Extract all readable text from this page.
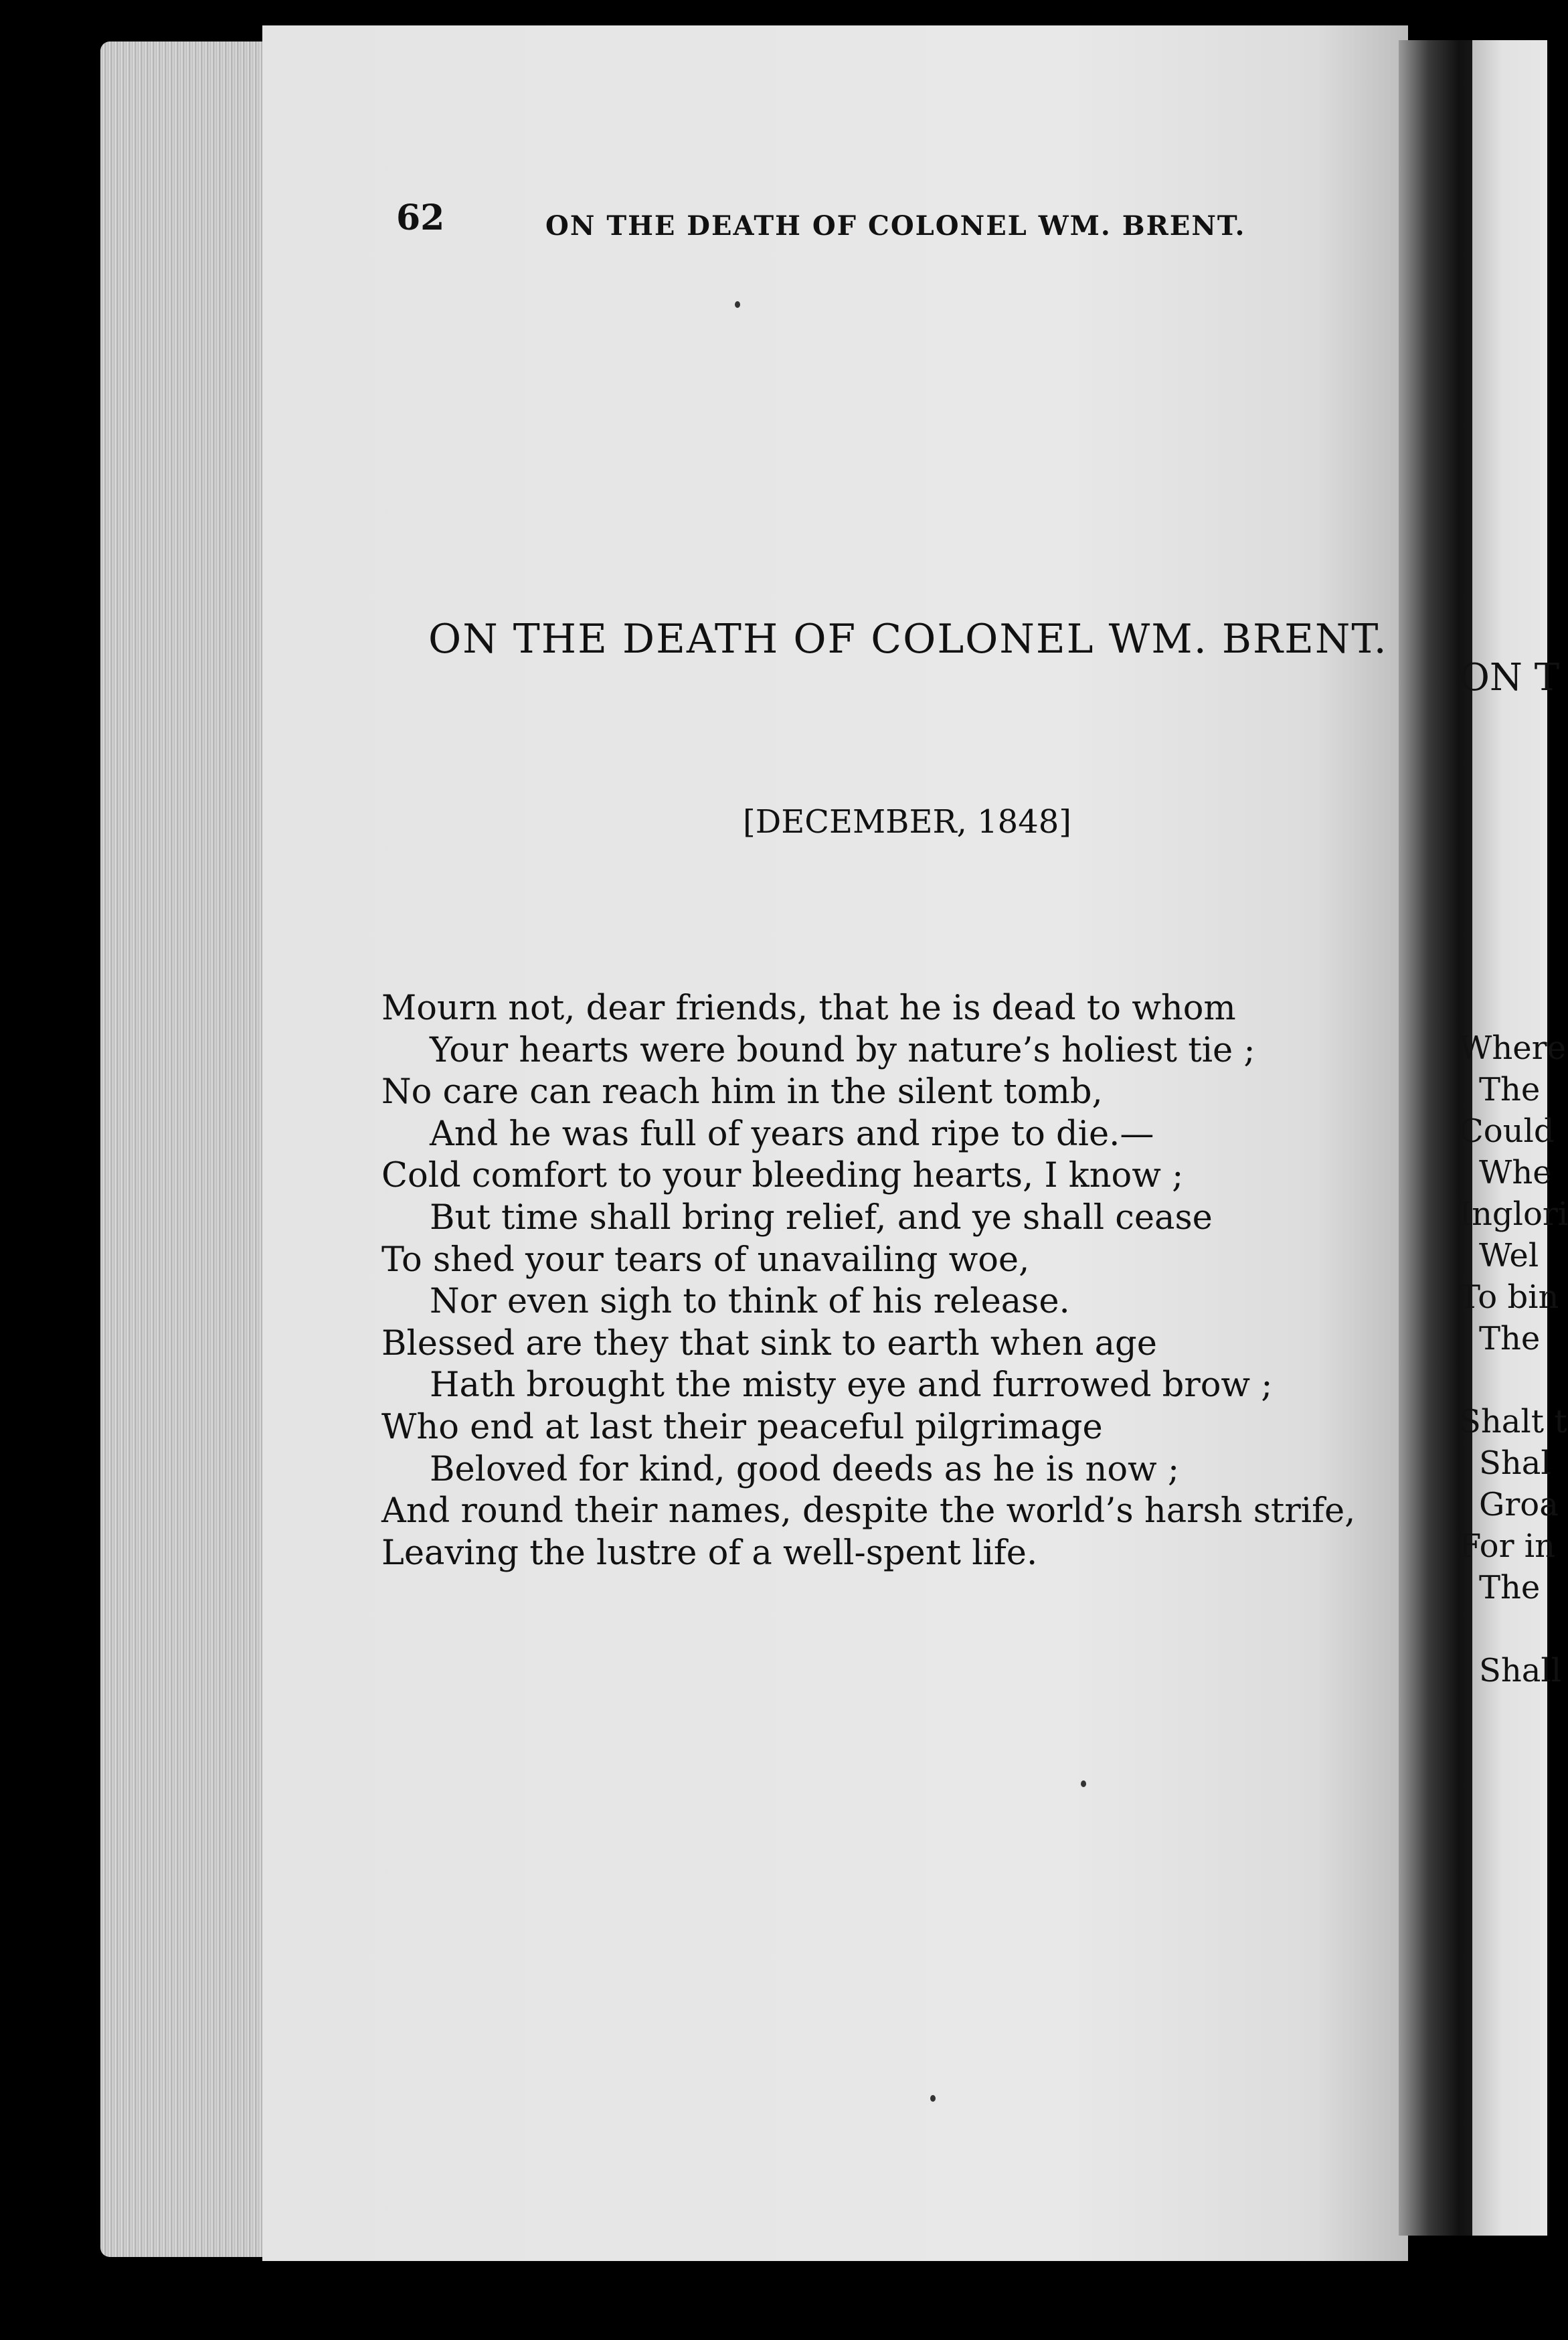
62	ON THE DEATH OF COLONEL WM. BRENT.
ON THE DEATH OF COLONEL WM. BRENT.
[DECEMBER, 1848]
Mourn not, dear friends, that he is dead to whom
Your hearts were bound by nature’s holiest tie ;
No care can reach him in the silent tomb,
And he was full of years and ripe to die.—
Cold comfort to your bleeding hearts, I know ;
But time shall bring relief, and ye shall cease
To shed your tears of unavailing woe,
Nor even sigh to think of his release.
Blessed are they that sink to earth when age
Hath brought the misty eye and furrowed brow ;
Who end at last their peaceful pilgrimage
Beloved for kind, good deeds as he is now ;
And round their names, despite the world’s harsh strife,
Leaving the lustre of a well-spent life.
ON T
Where
The
Could
Whe
Inglori
Wel
To bin
The
Shalt t
Shal
Groa
For in
The
Shall
